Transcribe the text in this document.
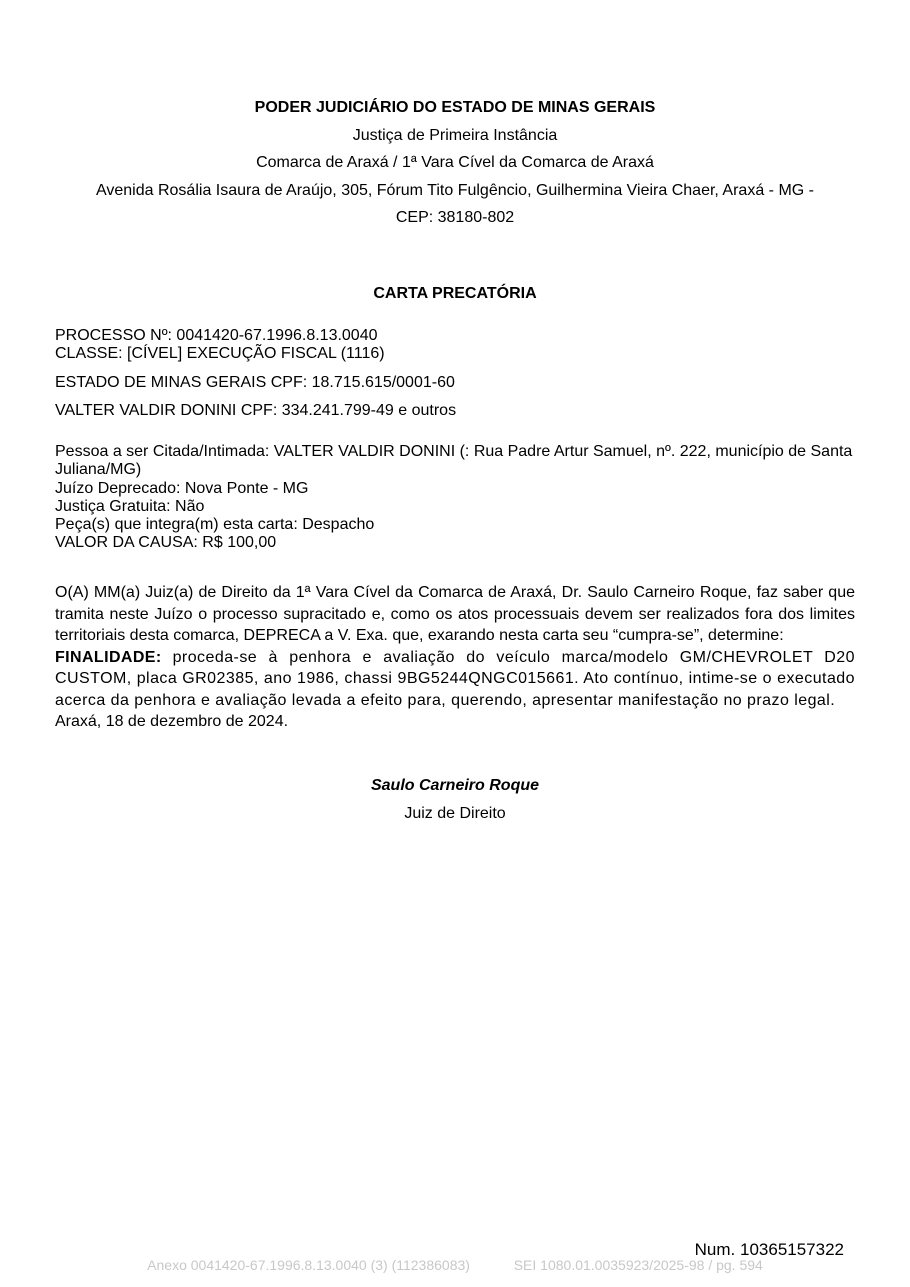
PODER JUDICIÁRIO DO ESTADO DE MINAS GERAIS
Justiça de Primeira Instância
Comarca de Araxá / 1ª Vara Cível da Comarca de Araxá
Avenida Rosália Isaura de Araújo, 305, Fórum Tito Fulgêncio, Guilhermina Vieira Chaer, Araxá - MG -
CEP: 38180-802
CARTA PRECATÓRIA
PROCESSO Nº: 0041420-67.1996.8.13.0040
CLASSE: [CÍVEL] EXECUÇÃO FISCAL (1116)
ESTADO DE MINAS GERAIS CPF: 18.715.615/0001-60
VALTER VALDIR DONINI CPF: 334.241.799-49 e outros
Pessoa a ser Citada/Intimada: VALTER VALDIR DONINI (: Rua Padre Artur Samuel, nº. 222, município de Santa Juliana/MG)
Juízo Deprecado: Nova Ponte - MG
Justiça Gratuita: Não
Peça(s) que integra(m) esta carta: Despacho
VALOR DA CAUSA: R$ 100,00

O(A) MM(a) Juiz(a) de Direito da 1ª Vara Cível da Comarca de Araxá, Dr. Saulo Carneiro Roque, faz saber que tramita neste Juízo o processo supracitado e, como os atos processuais devem ser realizados fora dos limites territoriais desta comarca, DEPRECA a V. Exa. que, exarando nesta carta seu “cumpra-se”, determine:

FINALIDADE: proceda-se à penhora e avaliação do veículo marca/modelo GM/CHEVROLET D20 CUSTOM, placa GR02385, ano 1986, chassi 9BG5244QNGC015661. Ato contínuo, intime-se o executado acerca da penhora e avaliação levada a efeito para, querendo, apresentar manifestação no prazo legal.

Araxá, 18 de dezembro de 2024.

Saulo Carneiro Roque
Juiz de Direito
Num. 10365157322
Anexo 0041420-67.1996.8.13.0040 (3) (112386083)	SEI 1080.01.0035923/2025-98 / pg. 594
